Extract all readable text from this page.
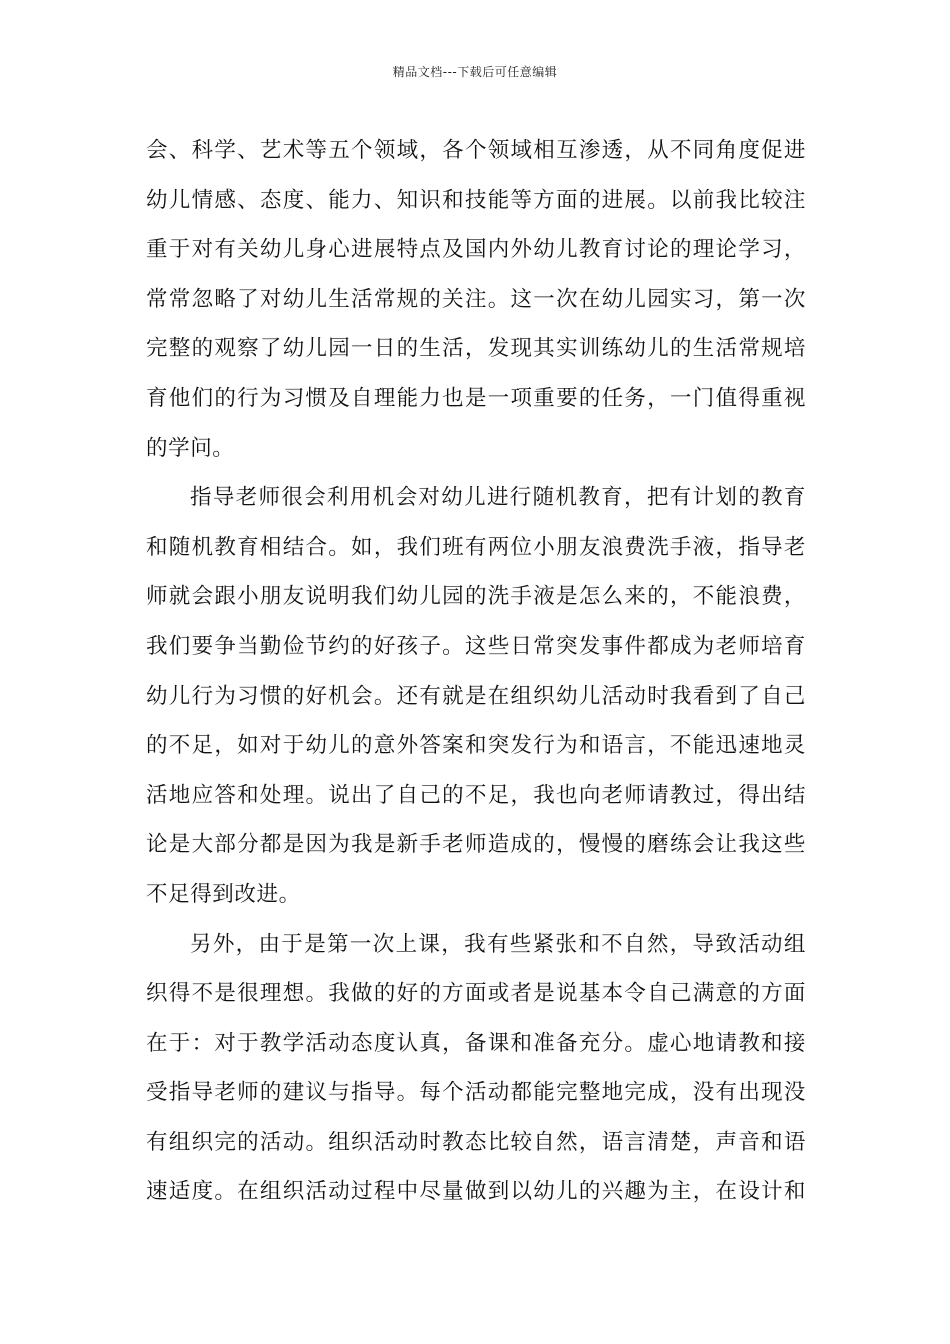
精品文档---下载后可任意编辑
会、科学、艺术等五个领域，各个领域相互渗透，从不同角度促进
幼儿情感、态度、能力、知识和技能等方面的进展。以前我比较注
重于对有关幼儿身心进展特点及国内外幼儿教育讨论的理论学习，
常常忽略了对幼儿生活常规的关注。这一次在幼儿园实习，第一次
完整的观察了幼儿园一日的生活，发现其实训练幼儿的生活常规培
育他们的行为习惯及自理能力也是一项重要的任务，一门值得重视
的学问。
指导老师很会利用机会对幼儿进行随机教育，把有计划的教育
和随机教育相结合。如，我们班有两位小朋友浪费洗手液，指导老
师就会跟小朋友说明我们幼儿园的洗手液是怎么来的，不能浪费，
我们要争当勤俭节约的好孩子。这些日常突发事件都成为老师培育
幼儿行为习惯的好机会。还有就是在组织幼儿活动时我看到了自己
的不足，如对于幼儿的意外答案和突发行为和语言，不能迅速地灵
活地应答和处理。说出了自己的不足，我也向老师请教过，得出结
论是大部分都是因为我是新手老师造成的，慢慢的磨练会让我这些
不足得到改进。
另外，由于是第一次上课，我有些紧张和不自然，导致活动组
织得不是很理想。我做的好的方面或者是说基本令自己满意的方面
在于：对于教学活动态度认真，备课和准备充分。虚心地请教和接
受指导老师的建议与指导。每个活动都能完整地完成，没有出现没
有组织完的活动。组织活动时教态比较自然，语言清楚，声音和语
速适度。在组织活动过程中尽量做到以幼儿的兴趣为主，在设计和
